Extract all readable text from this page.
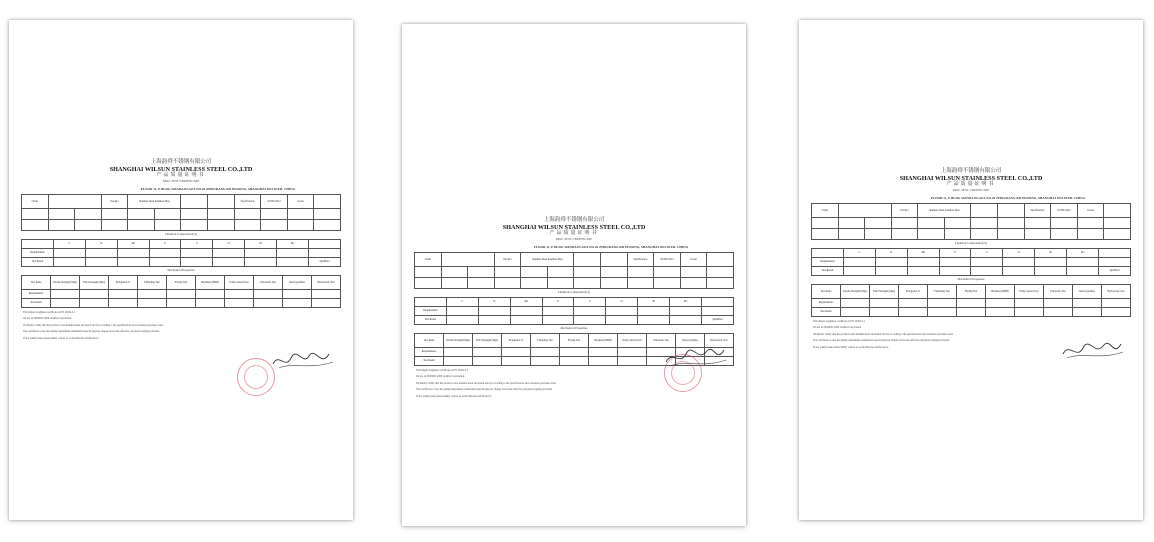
上海韵舜不锈钢有限公司
SHANGHAI WILSUN STAINLESS STEEL CO.,LTD
产品质量证明书
MILL TEST CERTIFICATE
FLOOR 11, E BLDG WANDA PLAZA NO.26 ZHOUKANG RD PUDONG, SHANGHAI 201318 P.R. CHINA
Client			Product	Stainless Steel Seamless Pipe				Specification	ASTM A312	Grade	

Chemical Composition(%)
	C	Si	Mn	P	S	Cr	Ni	Mo	
Requirements									
Test Result									Qualified
Mechanical Properties
Test Items	Tensile Strength (Mpa)	Yield Strength (Mpa)	Elongation %	Flattening Test	Flaring Test	Hardness (HRB)	Eddy Current Test	Ultrasonic Test	Intercrystalline	Hydrostatic Test
Requirements										
Test Result										
This impact toughness certificate is EN 10204-3.1
We are an ISO9001:2008 certified corporation.
We hereby certify that the products were manufactured and tested strictly according to the specifications and customers purchase order.
This certificate covers the quality department examination special purpose chapter is become effective, the photocopying is invalid.
If any quality issue please kindly contact us at the time the certificate for.
上海韵舜不锈钢有限公司
SHANGHAI WILSUN STAINLESS STEEL CO.,LTD
产品质量证明书
MILL TEST CERTIFICATE
FLOOR 11, E BLDG WANDA PLAZA NO.26 ZHOUKANG RD PUDONG, SHANGHAI 201318 P.R. CHINA
Client			Product	Stainless Steel Seamless Pipe				Specification	ASTM A312	Grade	

Chemical Composition(%)
	C	Si	Mn	P	S	Cr	Ni	Mo	
Requirements									
Test Result									Qualified
Mechanical Properties
Test Items	Tensile Strength (Mpa)	Yield Strength (Mpa)	Elongation %	Flattening Test	Flaring Test	Hardness (HRB)	Eddy Current Test	Ultrasonic Test	Intercrystalline	Hydrostatic Test
Requirements										
Test Result										
This impact toughness certificate is EN 10204-3.1
We are an ISO9001:2008 certified corporation.
We hereby certify that the products were manufactured and tested strictly according to the specifications and customers purchase order.
This certificate covers the quality department examination special purpose chapter is become effective, the photocopying is invalid.
If any quality issue please kindly contact us at the time the certificate for.
上海韵舜不锈钢有限公司
SHANGHAI WILSUN STAINLESS STEEL CO.,LTD
产品质量证明书
MILL TEST CERTIFICATE
FLOOR 11, E BLDG WANDA PLAZA NO.26 ZHOUKANG RD PUDONG, SHANGHAI 201318 P.R. CHINA
Client			Product	Stainless Steel Seamless Pipe				Specification	ASTM A312	Grade	

Chemical Composition(%)
	C	Si	Mn	P	S	Cr	Ni	Mo	
Requirements									
Test Result									Qualified
Mechanical Properties
Test Items	Tensile Strength (Mpa)	Yield Strength (Mpa)	Elongation %	Flattening Test	Flaring Test	Hardness (HRB)	Eddy Current Test	Ultrasonic Test	Intercrystalline	Hydrostatic Test
Requirements										
Test Result										
This impact toughness certificate is EN 10204-3.1
We are an ISO9001:2008 certified corporation.
We hereby certify that the products were manufactured and tested strictly according to the specifications and customers purchase order.
This certificate covers the quality department examination special purpose chapter is become effective, the photocopying is invalid.
If any quality issue please kindly contact us at the time the certificate for.
